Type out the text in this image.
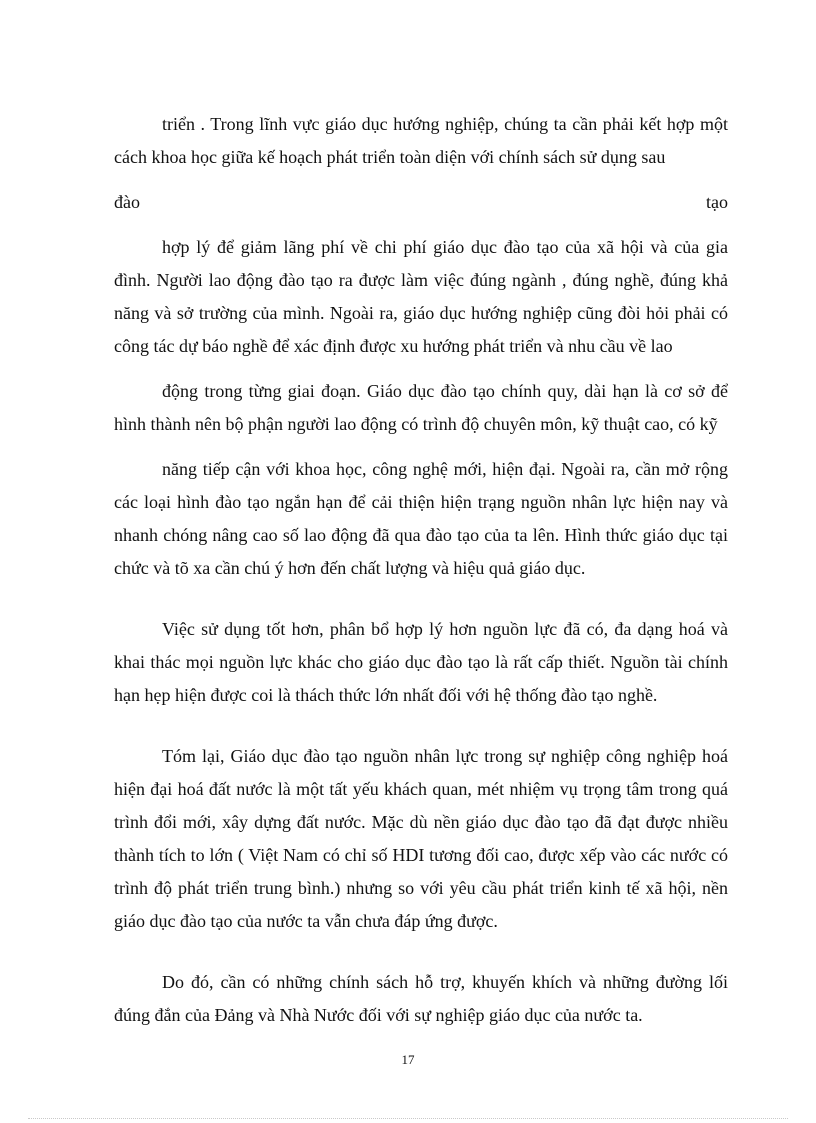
triển . Trong lĩnh vực giáo dục hướng nghiệp, chúng ta cần phải kết hợp một cách khoa học giữa kế hoạch phát triển toàn diện với chính sách sử dụng sau

đào	tạo

hợp lý để giảm lãng phí về chi phí giáo dục đào tạo của xã hội và của gia đình. Người lao động đào tạo ra được làm việc đúng ngành , đúng nghề, đúng khả năng và sở trường của mình. Ngoài ra, giáo dục hướng nghiệp cũng đòi hỏi phải có công tác dự báo nghề để xác định được xu hướng phát triển và nhu cầu về lao

động trong từng giai đoạn. Giáo dục đào tạo chính quy, dài hạn là cơ sở để hình thành nên bộ phận người lao động có trình độ chuyên môn, kỹ thuật cao, có kỹ

năng tiếp cận với khoa học, công nghệ mới, hiện đại. Ngoài ra, cần mở rộng các loại hình đào tạo ngắn hạn để cải thiện hiện trạng nguồn nhân lực hiện nay và nhanh chóng nâng cao số lao động đã qua đào tạo của ta lên. Hình thức giáo dục tại chức và tõ xa cần chú ý hơn đến chất lượng và hiệu quả giáo dục.

Việc sử dụng tốt hơn, phân bổ hợp lý hơn nguồn lực đã có, đa dạng hoá và khai thác mọi nguồn lực khác cho giáo dục đào tạo là rất cấp thiết. Nguồn tài chính hạn hẹp hiện được coi là thách thức lớn nhất đối với hệ thống đào tạo nghề.

Tóm lại, Giáo dục đào tạo nguồn nhân lực trong sự nghiệp công nghiệp hoá hiện đại hoá đất nước là một tất yếu khách quan, mét nhiệm vụ trọng tâm trong quá trình đổi mới, xây dựng đất nước. Mặc dù nền giáo dục đào tạo đã đạt được nhiều thành tích to lớn ( Việt Nam có chỉ số HDI tương đối cao, được xếp vào các nước có trình độ phát triển trung bình.) nhưng so với yêu cầu phát triển kinh tế xã hội, nền giáo dục đào tạo của nước ta vẫn chưa đáp ứng được.

Do đó, cần có những chính sách hỗ trợ, khuyến khích và những đường lối đúng đắn của Đảng và Nhà Nước đối với sự nghiệp giáo dục của nước ta.

17
